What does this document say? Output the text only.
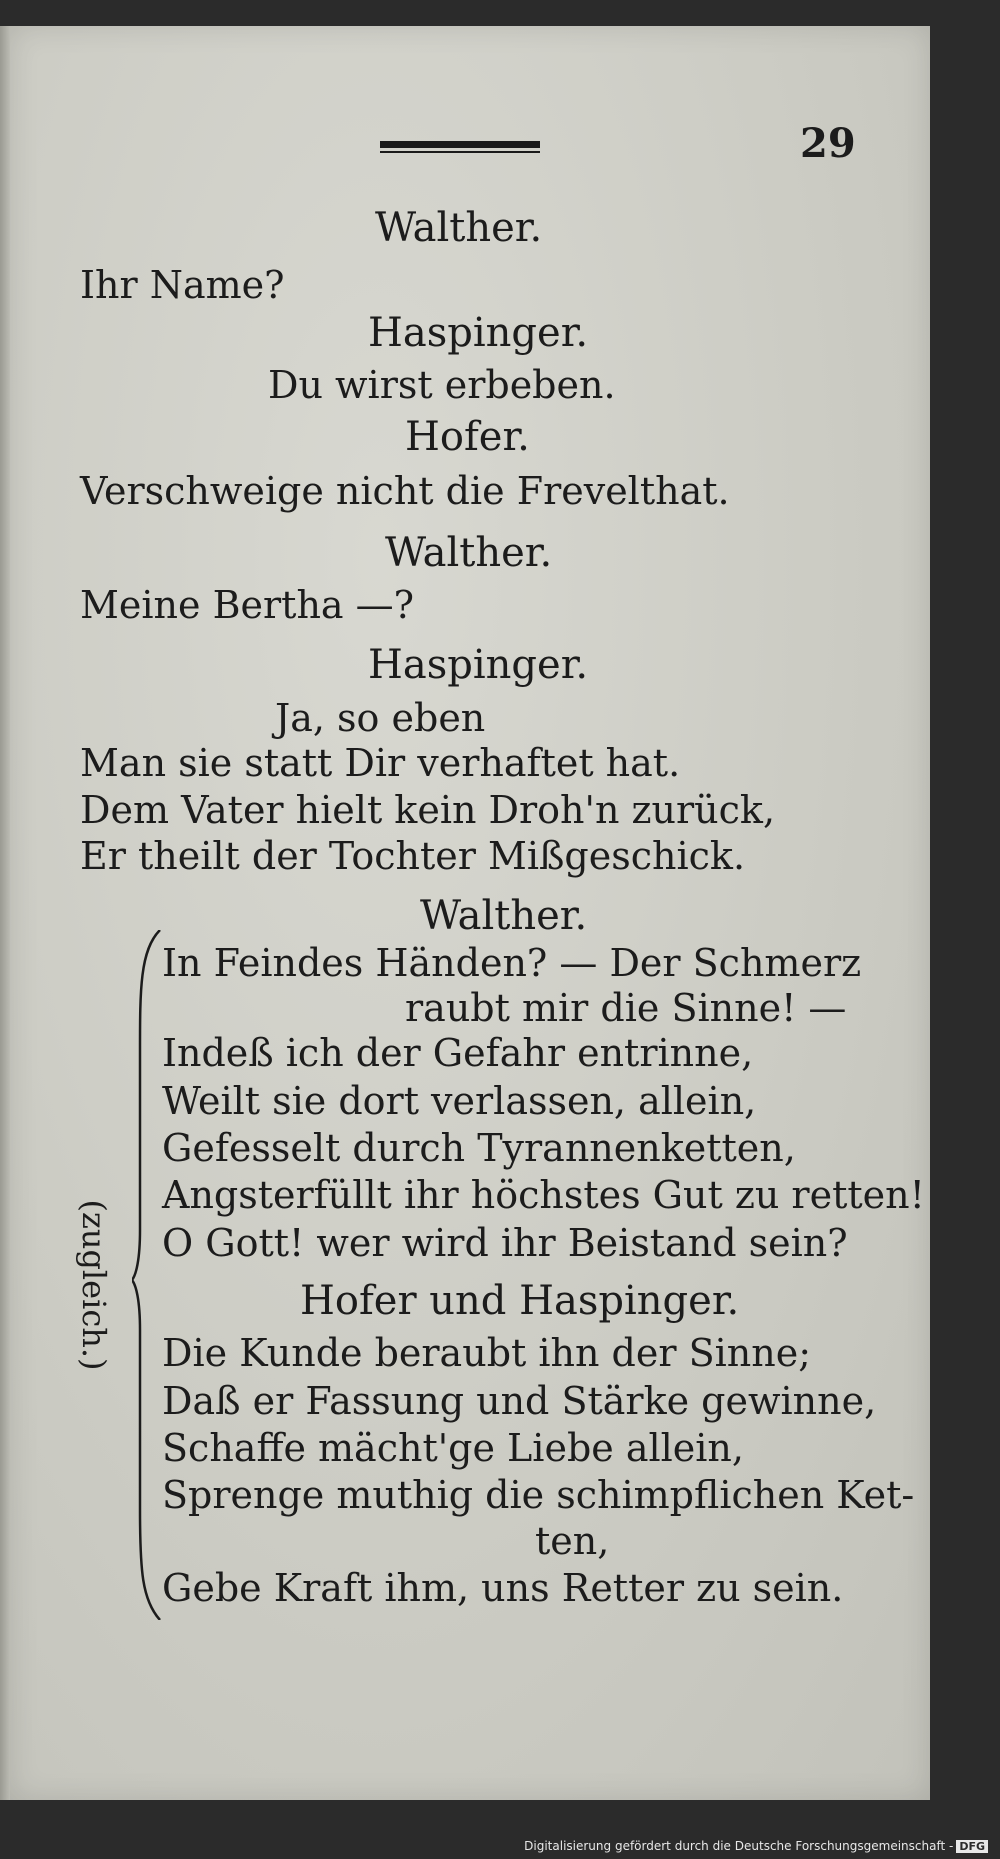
29
Walther.
Ihr Name?
Haspinger.
Du wirst erbeben.
Hofer.
Verschweige nicht die Frevelthat.
Walther.
Meine Bertha —?
Haspinger.
Ja, so eben
Man sie statt Dir verhaftet hat.
Dem Vater hielt kein Droh'n zurück,
Er theilt der Tochter Mißgeschick.
Walther.
In Feindes Händen? — Der Schmerz
raubt mir die Sinne! —
Indeß ich der Gefahr entrinne,
Weilt sie dort verlassen, allein,
Gefesselt durch Tyrannenketten,
Angsterfüllt ihr höchstes Gut zu retten!
O Gott! wer wird ihr Beistand sein?
Hofer und Haspinger.
Die Kunde beraubt ihn der Sinne;
Daß er Fassung und Stärke gewinne,
Schaffe mächt'ge Liebe allein,
Sprenge muthig die schimpflichen Ket-
ten,
Gebe Kraft ihm, uns Retter zu sein.
(zugleich.)
Digitalisierung gefördert durch die Deutsche Forschungsgemeinschaft - DFG
